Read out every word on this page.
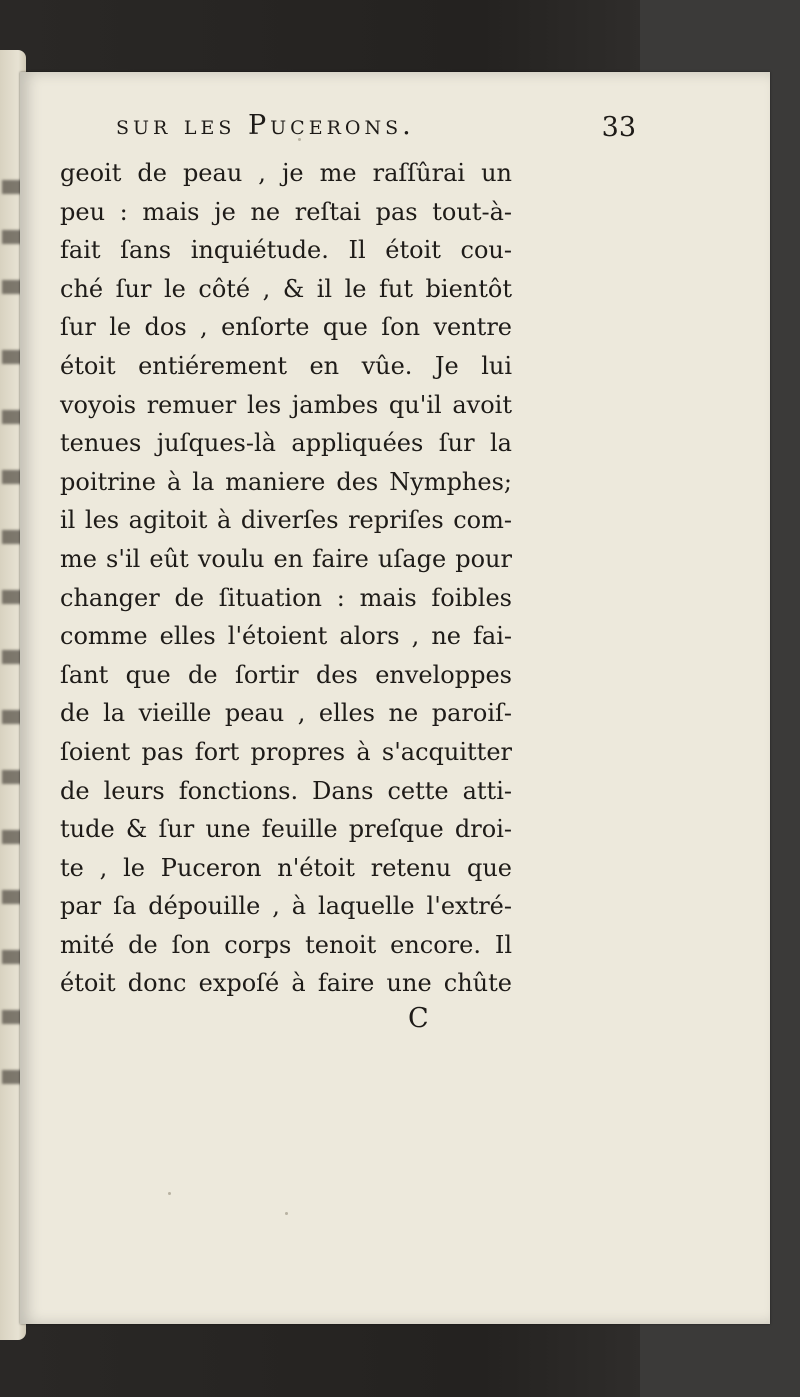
sur les Pucerons.	33
geoit de peau , je me raſſûrai un
peu : mais je ne reſtai pas tout-à-
fait ſans inquiétude. Il étoit cou-
ché ſur le côté , & il le fut bientôt
ſur le dos , enſorte que ſon ventre
étoit entiérement en vûe. Je lui
voyois remuer les jambes qu'il avoit
tenues juſques-là appliquées ſur la
poitrine à la maniere des Nymphes;
il les agitoit à diverſes repriſes com-
me s'il eût voulu en faire uſage pour
changer de ſituation : mais foibles
comme elles l'étoient alors , ne fai-
ſant que de ſortir des enveloppes
de la vieille peau , elles ne paroiſ-
ſoient pas fort propres à s'acquitter
de leurs fonctions. Dans cette atti-
tude & ſur une feuille preſque droi-
te , le Puceron n'étoit retenu que
par ſa dépouille , à laquelle l'extré-
mité de ſon corps tenoit encore. Il
étoit donc expoſé à faire une chûte
C
